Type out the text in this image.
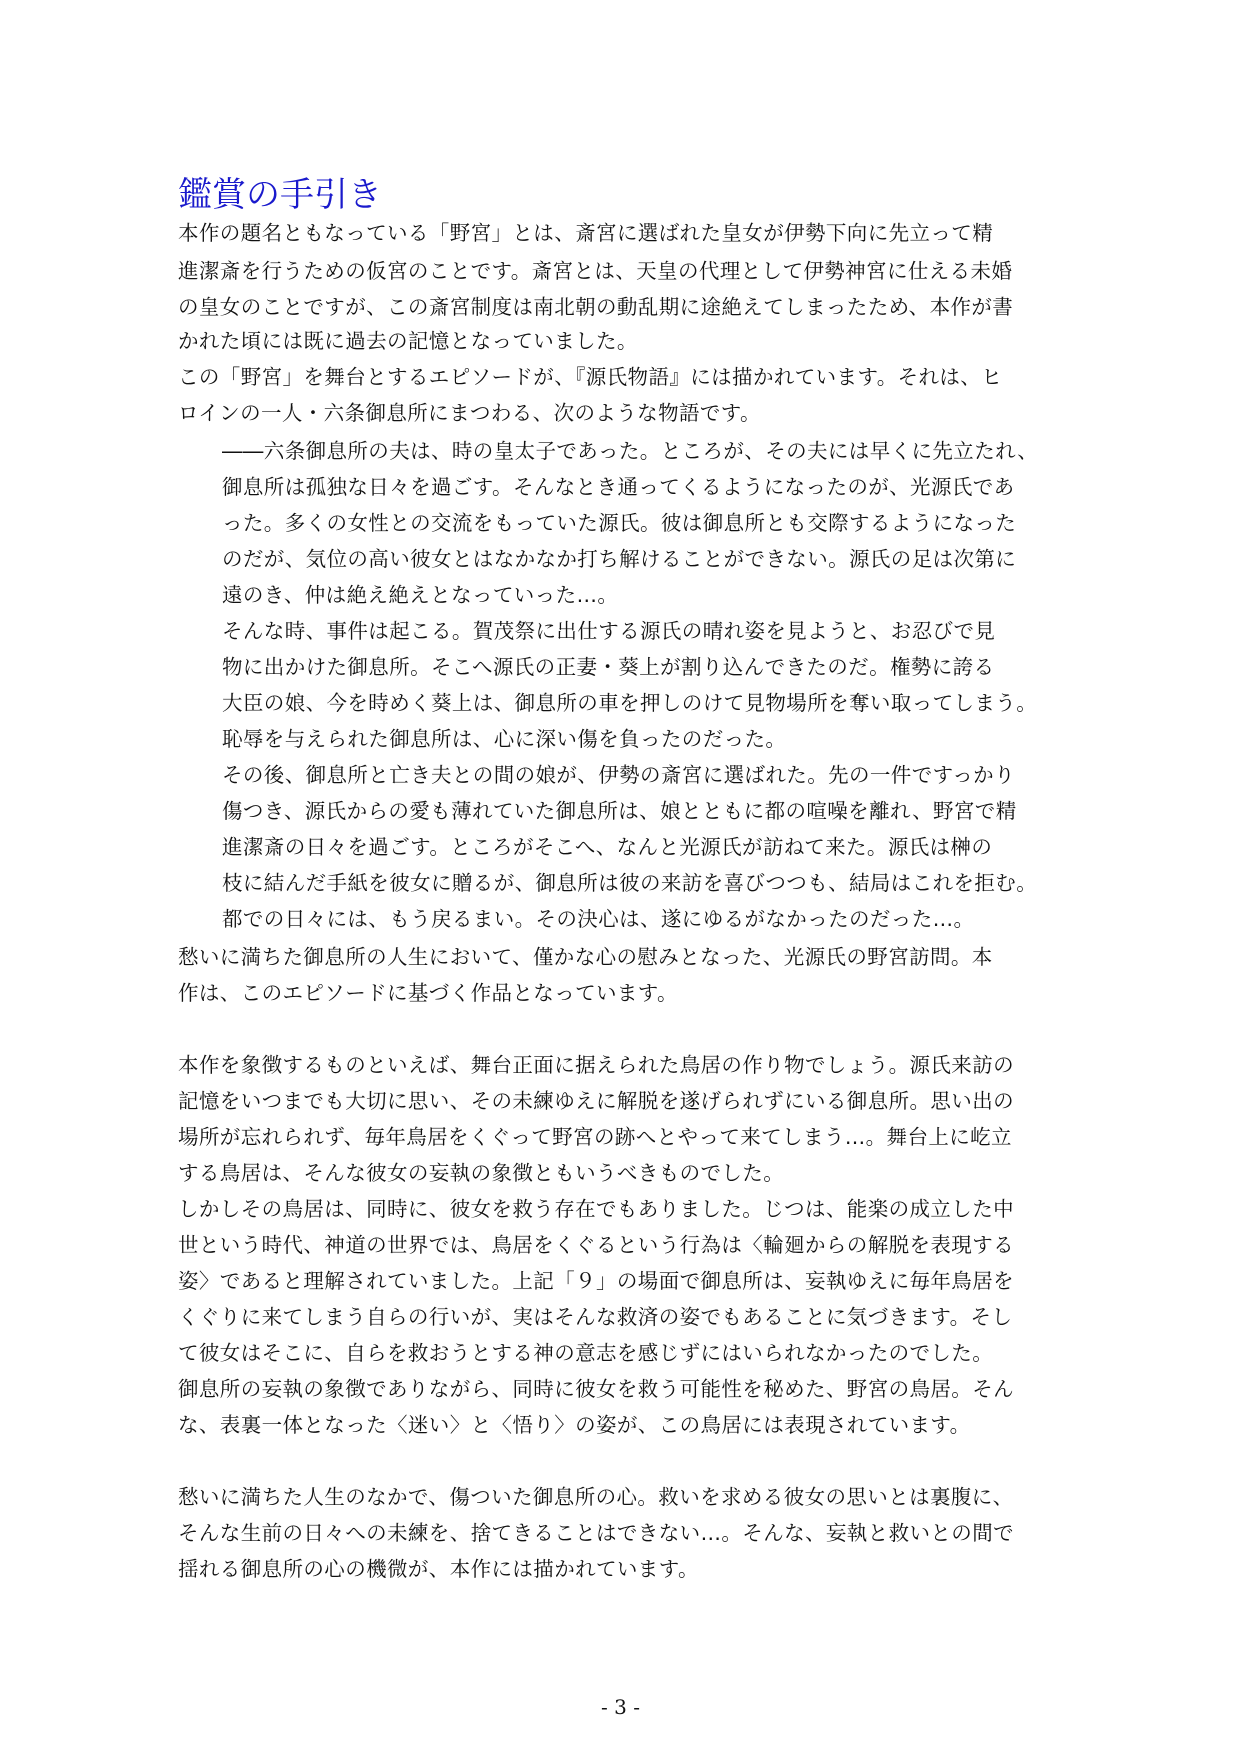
鑑賞の手引き

本作の題名ともなっている「野宮」とは、斎宮に選ばれた皇女が伊勢下向に先立って精

進潔斎を行うための仮宮のことです。斎宮とは、天皇の代理として伊勢神宮に仕える未婚

の皇女のことですが、この斎宮制度は南北朝の動乱期に途絶えてしまったため、本作が書

かれた頃には既に過去の記憶となっていました。

この「野宮」を舞台とするエピソードが、『源氏物語』には描かれています。それは、ヒ

ロインの一人・六条御息所にまつわる、次のような物語です。

――六条御息所の夫は、時の皇太子であった。ところが、その夫には早くに先立たれ、

御息所は孤独な日々を過ごす。そんなとき通ってくるようになったのが、光源氏であ

った。多くの女性との交流をもっていた源氏。彼は御息所とも交際するようになった

のだが、気位の高い彼女とはなかなか打ち解けることができない。源氏の足は次第に

遠のき、仲は絶え絶えとなっていった…。

そんな時、事件は起こる。賀茂祭に出仕する源氏の晴れ姿を見ようと、お忍びで見

物に出かけた御息所。そこへ源氏の正妻・葵上が割り込んできたのだ。権勢に誇る

大臣の娘、今を時めく葵上は、御息所の車を押しのけて見物場所を奪い取ってしまう。

恥辱を与えられた御息所は、心に深い傷を負ったのだった。

その後、御息所と亡き夫との間の娘が、伊勢の斎宮に選ばれた。先の一件ですっかり

傷つき、源氏からの愛も薄れていた御息所は、娘とともに都の喧噪を離れ、野宮で精

進潔斎の日々を過ごす。ところがそこへ、なんと光源氏が訪ねて来た。源氏は榊の

枝に結んだ手紙を彼女に贈るが、御息所は彼の来訪を喜びつつも、結局はこれを拒む。

都での日々には、もう戻るまい。その決心は、遂にゆるがなかったのだった…。

愁いに満ちた御息所の人生において、僅かな心の慰みとなった、光源氏の野宮訪問。本

作は、このエピソードに基づく作品となっています。

本作を象徴するものといえば、舞台正面に据えられた鳥居の作り物でしょう。源氏来訪の

記憶をいつまでも大切に思い、その未練ゆえに解脱を遂げられずにいる御息所。思い出の

場所が忘れられず、毎年鳥居をくぐって野宮の跡へとやって来てしまう…。舞台上に屹立

する鳥居は、そんな彼女の妄執の象徴ともいうべきものでした。

しかしその鳥居は、同時に、彼女を救う存在でもありました。じつは、能楽の成立した中

世という時代、神道の世界では、鳥居をくぐるという行為は〈輪廻からの解脱を表現する

姿〉であると理解されていました。上記「９」の場面で御息所は、妄執ゆえに毎年鳥居を

くぐりに来てしまう自らの行いが、実はそんな救済の姿でもあることに気づきます。そし

て彼女はそこに、自らを救おうとする神の意志を感じずにはいられなかったのでした。

御息所の妄執の象徴でありながら、同時に彼女を救う可能性を秘めた、野宮の鳥居。そん

な、表裏一体となった〈迷い〉と〈悟り〉の姿が、この鳥居には表現されています。

愁いに満ちた人生のなかで、傷ついた御息所の心。救いを求める彼女の思いとは裏腹に、

そんな生前の日々への未練を、捨てきることはできない…。そんな、妄執と救いとの間で

揺れる御息所の心の機微が、本作には描かれています。

- 3 -
